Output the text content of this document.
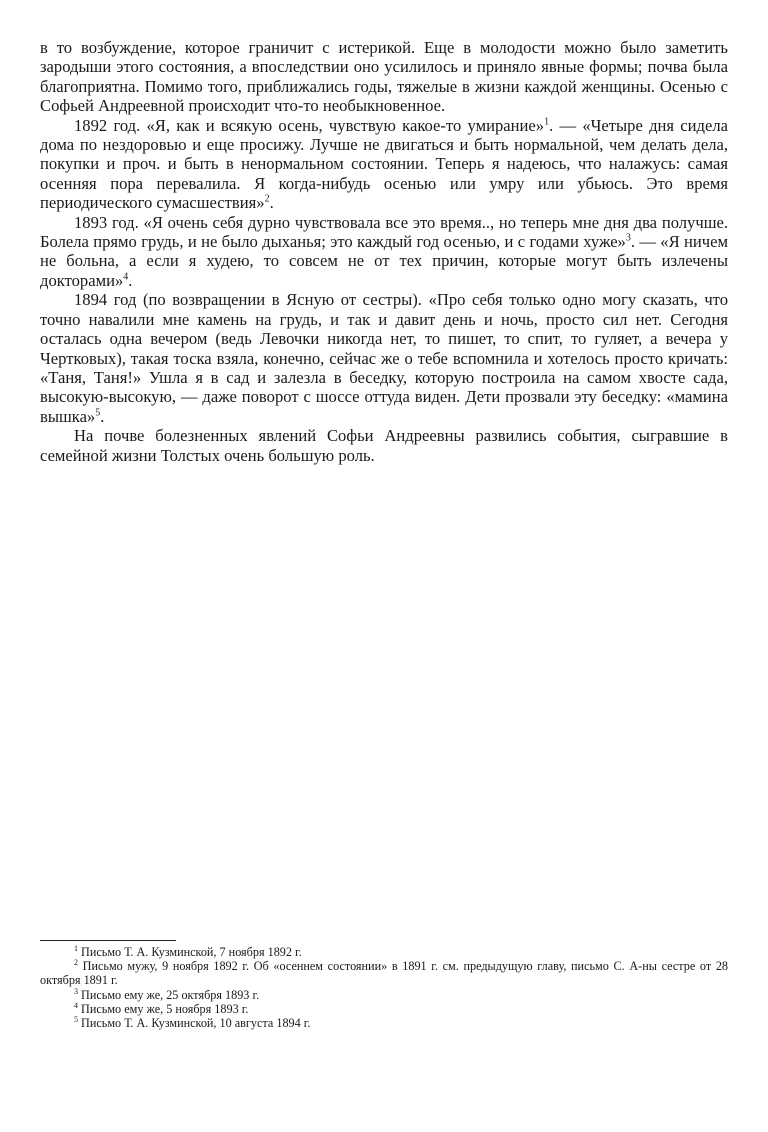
в то возбуждение, которое граничит с истерикой. Еще в молодости можно было заметить зародыши этого состояния, а впоследствии оно усилилось и приняло явные формы; почва была благоприятна. Помимо того, приближались годы, тяжелые в жизни каждой женщины. Осенью с Софьей Андреевной происходит что-то необыкновенное.

1892 год. «Я, как и всякую осень, чувствую какое-то умирание»$^1$. — «Четыре дня сидела дома по нездоровью и еще просижу. Лучше не двигаться и быть нормальной, чем делать дела, покупки и проч. и быть в ненормальном состоянии. Теперь я надеюсь, что налажусь: самая осенняя пора перевалила. Я когда-нибудь осенью или умру или убьюсь. Это время периодического сумасшествия»$^2$.

1893 год. «Я очень себя дурно чувствовала все это время.., но теперь мне дня два получше. Болела прямо грудь, и не было дыханья; это каждый год осенью, и с годами хуже»$^3$. — «Я ничем не больна, а если я худею, то совсем не от тех причин, которые могут быть излечены докторами»$^4$.

1894 год (по возвращении в Ясную от сестры). «Про себя только одно могу сказать, что точно навалили мне камень на грудь, и так и давит день и ночь, просто сил нет. Сегодня осталась одна вечером (ведь Левочки никогда нет, то пишет, то спит, то гуляет, а вечера у Чертковых), такая тоска взяла, конечно, сейчас же о тебе вспомнила и хотелось просто кричать: «Таня, Таня!» Ушла я в сад и залезла в беседку, которую построила на самом хвосте сада, высокую-высокую, — даже поворот с шоссе оттуда виден. Дети прозвали эту беседку: «мамина вышка»$^5$.

На почве болезненных явлений Софьи Андреевны развились события, сыгравшие в семейной жизни Толстых очень большую роль.

$^1$ Письмо Т. А. Кузминской, 7 ноября 1892 г.

$^2$ Письмо мужу, 9 ноября 1892 г. Об «осеннем состоянии» в 1891 г. см. предыдущую главу, письмо С. А-ны сестре от 28 октября 1891 г.

$^3$ Письмо ему же, 25 октября 1893 г.

$^4$ Письмо ему же, 5 ноября 1893 г.

$^5$ Письмо Т. А. Кузминской, 10 августа 1894 г.
